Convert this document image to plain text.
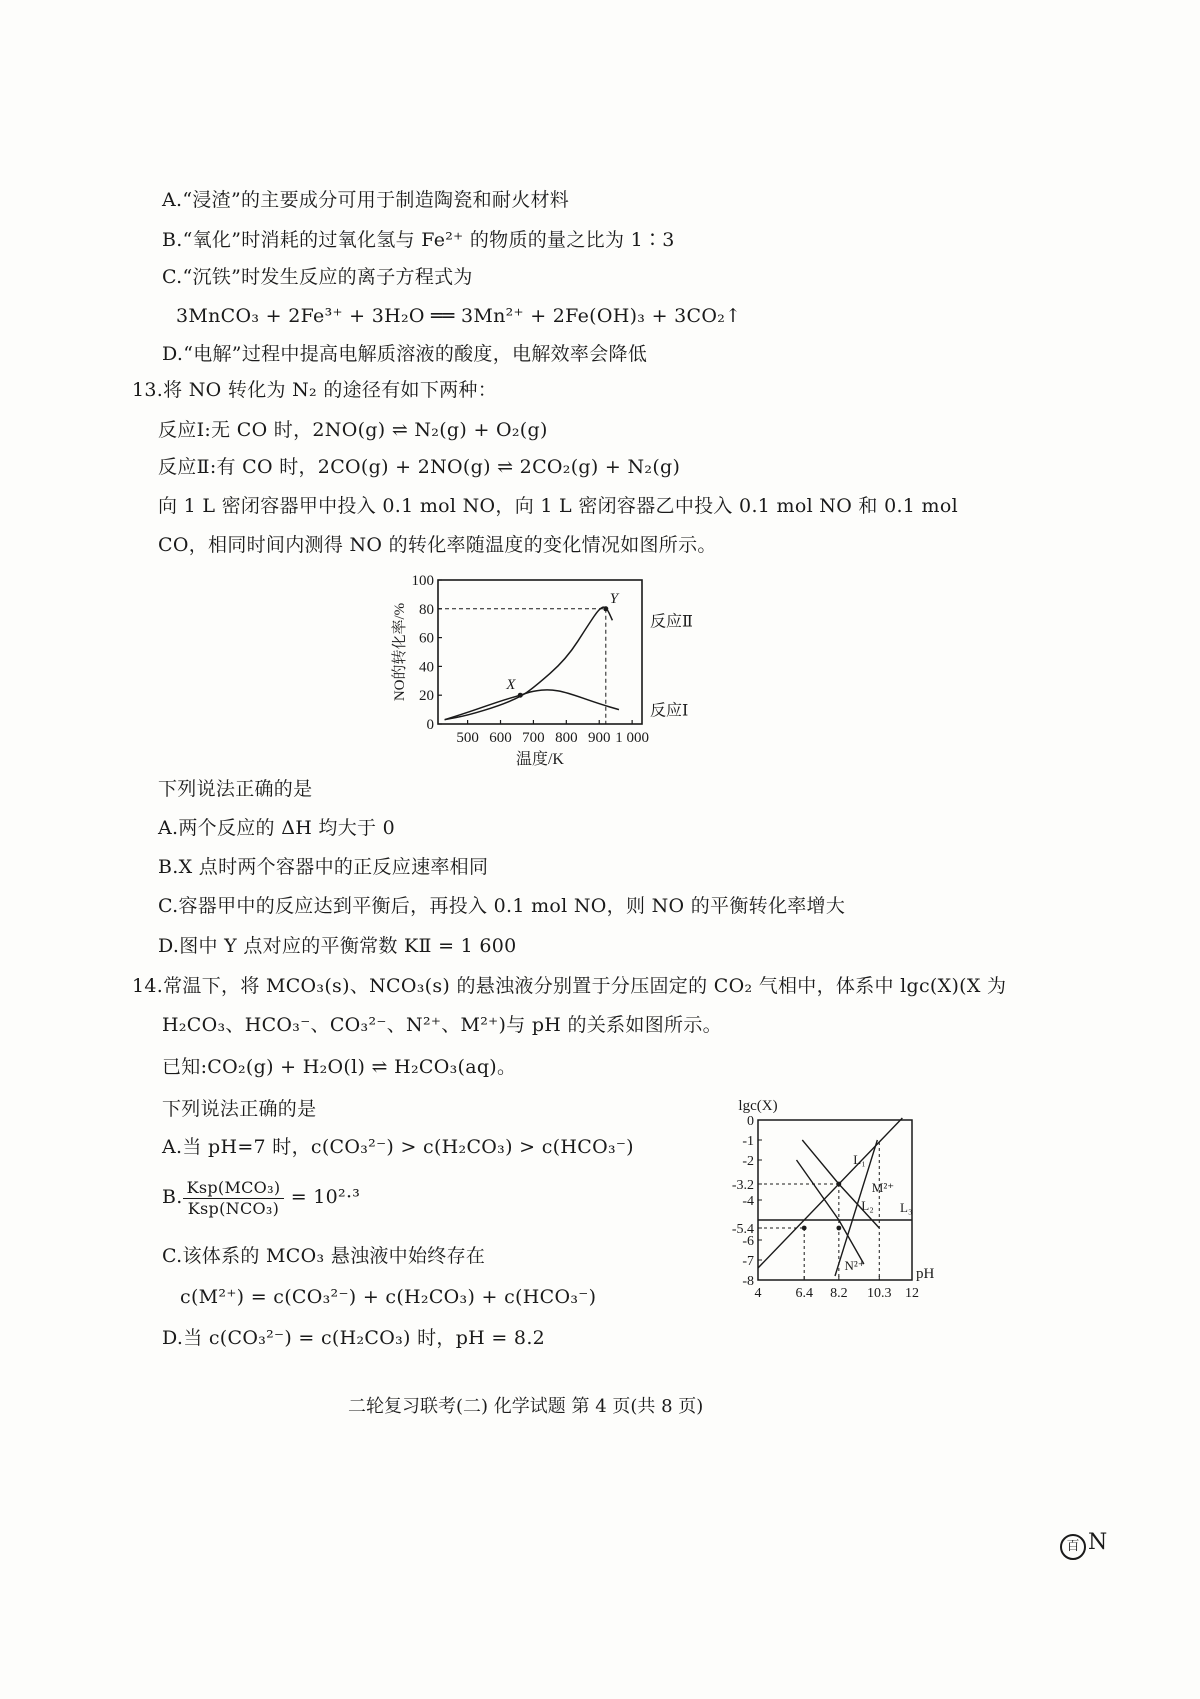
A.“浸渣”的主要成分可用于制造陶瓷和耐火材料
B.“氧化”时消耗的过氧化氢与 Fe²⁺ 的物质的量之比为 1∶3
C.“沉铁”时发生反应的离子方程式为
3MnCO₃ + 2Fe³⁺ + 3H₂O ══ 3Mn²⁺ + 2Fe(OH)₃ + 3CO₂↑
D.“电解”过程中提高电解质溶液的酸度，电解效率会降低
13.将 NO 转化为 N₂ 的途径有如下两种：
反应Ⅰ:无 CO 时，2NO(g) ⇌ N₂(g) + O₂(g)
反应Ⅱ:有 CO 时，2CO(g) + 2NO(g) ⇌ 2CO₂(g) + N₂(g)
向 1 L 密闭容器甲中投入 0.1 mol NO，向 1 L 密闭容器乙中投入 0.1 mol NO 和 0.1 mol
CO，相同时间内测得 NO 的转化率随温度的变化情况如图所示。
0
20
40
60
80
100
500 600 700 800 900 1 000
温度/K
NO的转化率/%	反应Ⅱ
反应Ⅰ
X
Y
下列说法正确的是
A.两个反应的 ΔH 均大于 0
B.X 点时两个容器中的正反应速率相同
C.容器甲中的反应达到平衡后，再投入 0.1 mol NO，则 NO 的平衡转化率增大
D.图中 Y 点对应的平衡常数 KⅡ = 1 600
14.常温下，将 MCO₃(s)、NCO₃(s) 的悬浊液分别置于分压固定的 CO₂ 气相中，体系中 lgc(X)(X 为
H₂CO₃、HCO₃⁻、CO₃²⁻、N²⁺、M²⁺)与 pH 的关系如图所示。
已知:CO₂(g) + H₂O(l) ⇌ H₂CO₃(aq)。
下列说法正确的是
A.当 pH=7 时，c(CO₃²⁻) > c(H₂CO₃) > c(HCO₃⁻)
B. $\frac{\text{Ksp(MCO₃)}}{\text{Ksp(NCO₃)}} = 10^2\cdot^3$
C.该体系的 MCO₃ 悬浊液中始终存在
c(M²⁺) = c(CO₃²⁻) + c(H₂CO₃) + c(HCO₃⁻)
D.当 c(CO₃²⁻) = c(H₂CO₃) 时，pH = 8.2
lgc(X)
pH
0
-1
-2
-3.2
-4
-5.4
-6
-7
-8
4 6.4 8.2 10.3 12
L₁
L₂ L₃
N²⁺
M²⁺
二轮复习联考(二) 化学试题 第 4 页(共 8 页)
百 N
